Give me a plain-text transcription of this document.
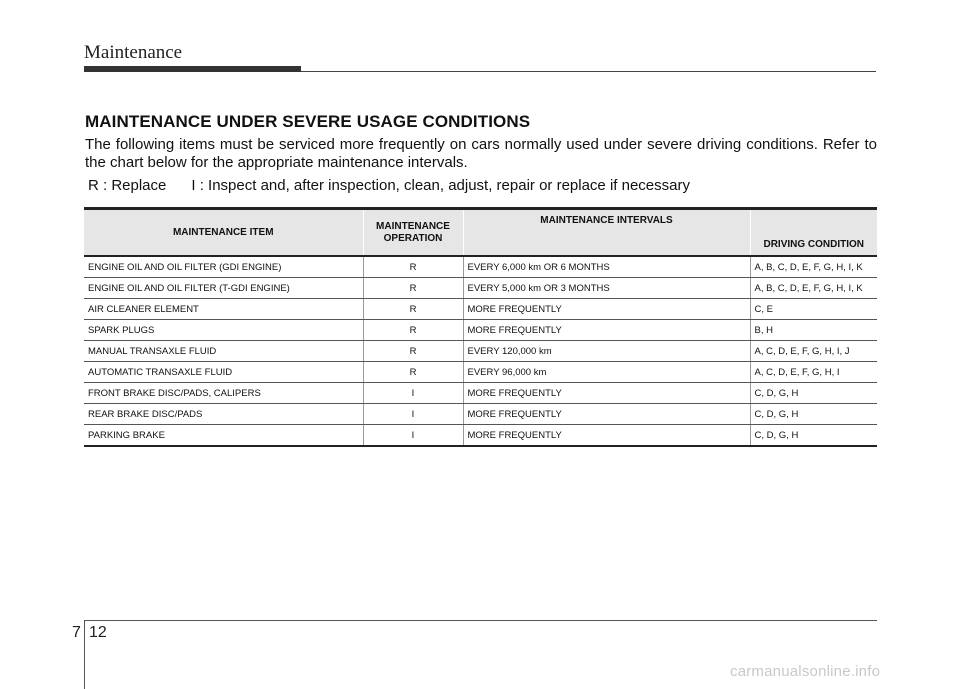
Maintenance
MAINTENANCE UNDER SEVERE USAGE CONDITIONS
The following items must be serviced more frequently on cars normally used under severe driving conditions. Refer to the chart below for the appropriate maintenance intervals.
R : Replace      I : Inspect and, after inspection, clean, adjust, repair or replace if necessary
MAINTENANCE ITEM	MAINTENANCE OPERATION	MAINTENANCE INTERVALS	DRIVING CONDITION
ENGINE OIL AND OIL FILTER (GDI ENGINE)	R	EVERY 6,000 km OR 6 MONTHS	A, B, C, D, E, F, G, H, I, K
ENGINE OIL AND OIL FILTER (T-GDI ENGINE)	R	EVERY 5,000 km OR 3 MONTHS	A, B, C, D, E, F, G, H, I, K
AIR CLEANER ELEMENT	R	MORE FREQUENTLY	C, E
SPARK PLUGS	R	MORE FREQUENTLY	B, H
MANUAL TRANSAXLE FLUID	R	EVERY 120,000 km	A, C, D, E, F, G, H, I, J
AUTOMATIC TRANSAXLE FLUID	R	EVERY 96,000 km	A, C, D, E, F, G, H, I
FRONT BRAKE DISC/PADS, CALIPERS	I	MORE FREQUENTLY	C, D, G, H
REAR BRAKE DISC/PADS	I	MORE FREQUENTLY	C, D, G, H
PARKING BRAKE	I	MORE FREQUENTLY	C, D, G, H
7 12
carmanualsonline.info
